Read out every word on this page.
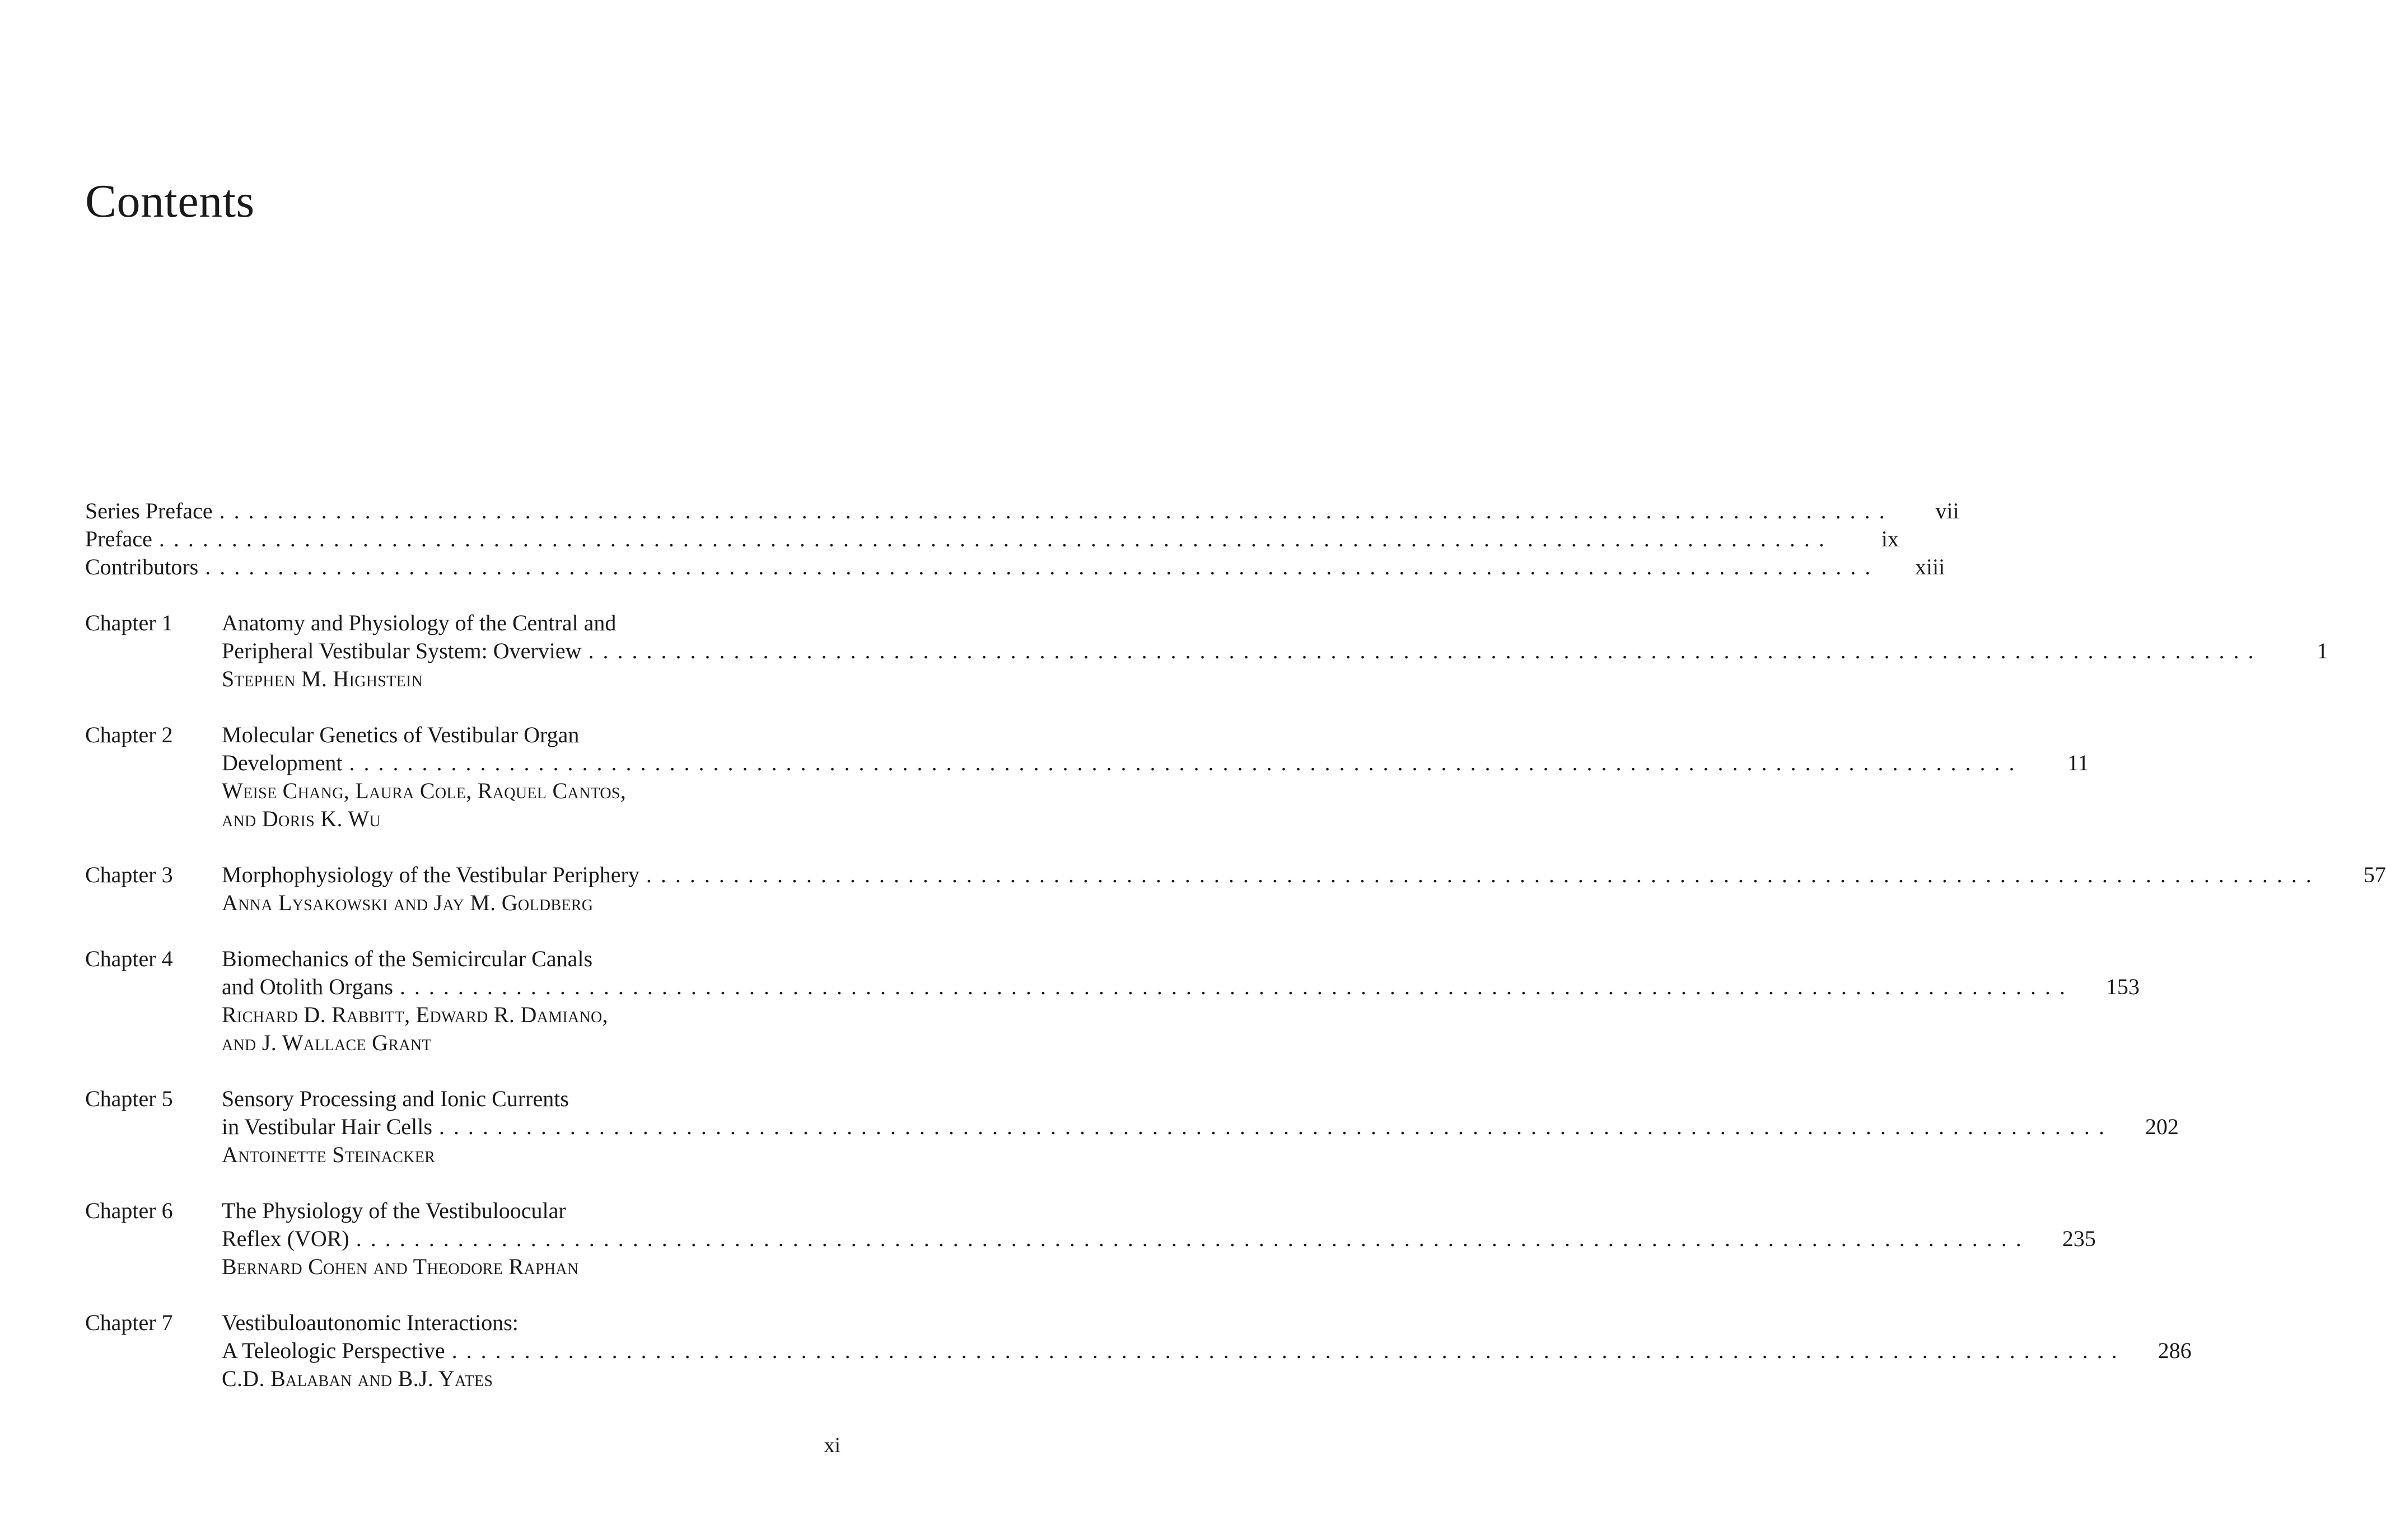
Contents
Series Preface . . .	vii
Preface . . .	ix
Contributors . . .	xiii
Chapter 1	Anatomy and Physiology of the Central and
Peripheral Vestibular System: Overview . . .	1
Stephen M. Highstein
Chapter 2	Molecular Genetics of Vestibular Organ
Development . . .	11
Weise Chang, Laura Cole, Raquel Cantos,
and Doris K. Wu
Chapter 3	Morphophysiology of the Vestibular Periphery . . .	57
Anna Lysakowski and Jay M. Goldberg
Chapter 4	Biomechanics of the Semicircular Canals
and Otolith Organs . . .	153
Richard D. Rabbitt, Edward R. Damiano,
and J. Wallace Grant
Chapter 5	Sensory Processing and Ionic Currents
in Vestibular Hair Cells . . .	202
Antoinette Steinacker
Chapter 6	The Physiology of the Vestibuloocular
Reflex (VOR) . . .	235
Bernard Cohen and Theodore Raphan
Chapter 7	Vestibuloautonomic Interactions:
A Teleologic Perspective . . .	286
C.D. Balaban and B.J. Yates
xi
